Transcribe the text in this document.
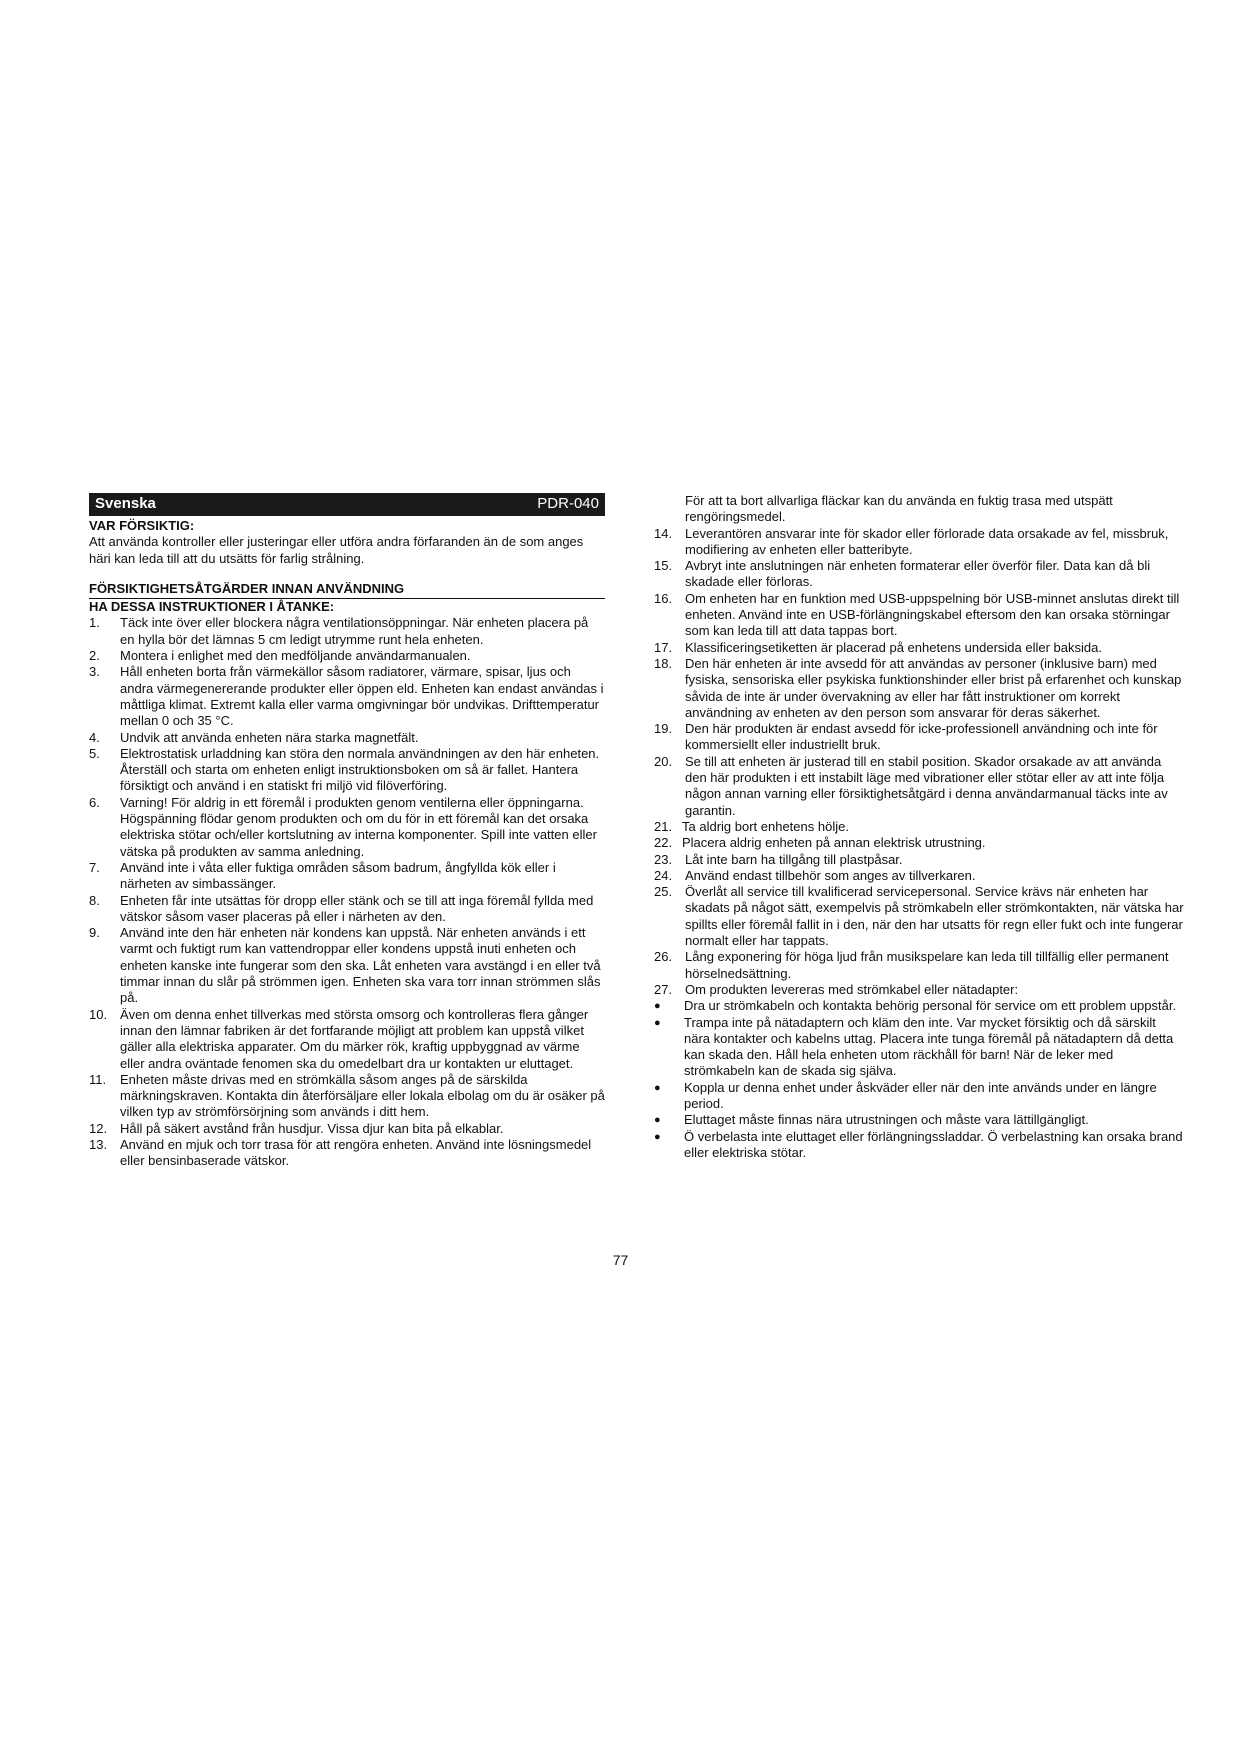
Svenska	PDR-040
VAR FÖRSIKTIG:
Att använda kontroller eller justeringar eller utföra andra förfaranden än de som anges häri kan leda till att du utsätts för farlig strålning.
FÖRSIKTIGHETSÅTGÄRDER INNAN ANVÄNDNING
HA DESSA INSTRUKTIONER I ÅTANKE:
1.	Täck inte över eller blockera några ventilationsöppningar. När enheten placera på en hylla bör det lämnas 5 cm ledigt utrymme runt hela enheten.
2.	Montera i enlighet med den medföljande användarmanualen.
3.	Håll enheten borta från värmekällor såsom radiatorer, värmare, spisar, ljus och andra värmegenererande produkter eller öppen eld. Enheten kan endast användas i måttliga klimat. Extremt kalla eller varma omgivningar bör undvikas. Drifttemperatur mellan 0 och 35 °C.
4.	Undvik att använda enheten nära starka magnetfält.
5.	Elektrostatisk urladdning kan störa den normala användningen av den här enheten. Återställ och starta om enheten enligt instruktionsboken om så är fallet. Hantera försiktigt och använd i en statiskt fri miljö vid filöverföring.
6.	Varning! För aldrig in ett föremål i produkten genom ventilerna eller öppningarna. Högspänning flödar genom produkten och om du för in ett föremål kan det orsaka elektriska stötar och/eller kortslutning av interna komponenter. Spill inte vatten eller vätska på produkten av samma anledning.
7.	Använd inte i våta eller fuktiga områden såsom badrum, ångfyllda kök eller i närheten av simbassänger.
8.	Enheten får inte utsättas för dropp eller stänk och se till att inga föremål fyllda med vätskor såsom vaser placeras på eller i närheten av den.
9.	Använd inte den här enheten när kondens kan uppstå. När enheten används i ett varmt och fuktigt rum kan vattendroppar eller kondens uppstå inuti enheten och enheten kanske inte fungerar som den ska. Låt enheten vara avstängd i en eller två timmar innan du slår på strömmen igen. Enheten ska vara torr innan strömmen slås på.
10. Även om denna enhet tillverkas med största omsorg och kontrolleras flera gånger innan den lämnar fabriken är det fortfarande möjligt att problem kan uppstå vilket gäller alla elektriska apparater. Om du märker rök, kraftig uppbyggnad av värme eller andra oväntade fenomen ska du omedelbart dra ur kontakten ur eluttaget.
11.	Enheten måste drivas med en strömkälla såsom anges på de särskilda märkningskraven. Kontakta din återförsäljare eller lokala elbolag om du är osäker på vilken typ av strömförsörjning som används i ditt hem.
12. Håll på säkert avstånd från husdjur. Vissa djur kan bita på elkablar.
13. Använd en mjuk och torr trasa för att rengöra enheten. Använd inte lösningsmedel eller bensinbaserade vätskor.
För att ta bort allvarliga fläckar kan du använda en fuktig trasa med utspätt rengöringsmedel.
14. Leverantören ansvarar inte för skador eller förlorade data orsakade av fel, missbruk, modifiering av enheten eller batteribyte.
15. Avbryt inte anslutningen när enheten formaterar eller överför filer. Data kan då bli skadade eller förloras.
16. Om enheten har en funktion med USB-uppspelning bör USB-minnet anslutas direkt till enheten. Använd inte en USB-förlängningskabel eftersom den kan orsaka störningar som kan leda till att data tappas bort.
17. Klassificeringsetiketten är placerad på enhetens undersida eller baksida.
18. Den här enheten är inte avsedd för att användas av personer (inklusive barn) med fysiska, sensoriska eller psykiska funktionshinder eller brist på erfarenhet och kunskap såvida de inte är under övervakning av eller har fått instruktioner om korrekt användning av enheten av den person som ansvarar för deras säkerhet.
19. Den här produkten är endast avsedd för icke-professionell användning och inte för kommersiellt eller industriellt bruk.
20. Se till att enheten är justerad till en stabil position. Skador orsakade av att använda den här produkten i ett instabilt läge med vibrationer eller stötar eller av att inte följa någon annan varning eller försiktighetsåtgärd i denna användarmanual täcks inte av garantin.
21. Ta aldrig bort enhetens hölje.
22. Placera aldrig enheten på annan elektrisk utrustning.
23. Låt inte barn ha tillgång till plastpåsar.
24. Använd endast tillbehör som anges av tillverkaren.
25. Överlåt all service till kvalificerad servicepersonal. Service krävs när enheten har skadats på något sätt, exempelvis på strömkabeln eller strömkontakten, när vätska har spillts eller föremål fallit in i den, när den har utsatts för regn eller fukt och inte fungerar normalt eller har tappats.
26. Lång exponering för höga ljud från musikspelare kan leda till tillfällig eller permanent hörselnedsättning.
27. Om produkten levereras med strömkabel eller nätadapter:
●	Dra ur strömkabeln och kontakta behörig personal för service om ett problem uppstår.
●	Trampa inte på nätadaptern och kläm den inte. Var mycket försiktig och då särskilt nära kontakter och kabelns uttag. Placera inte tunga föremål på nätadaptern då detta kan skada den. Håll hela enheten utom räckhåll för barn! När de leker med strömkabeln kan de skada sig själva.
●	Koppla ur denna enhet under åskväder eller när den inte används under en längre period.
●	Eluttaget måste finnas nära utrustningen och måste vara lättillgängligt.
●	Ö verbelasta inte eluttaget eller förlängningssladdar. Ö verbelastning kan orsaka brand eller elektriska stötar.
77
